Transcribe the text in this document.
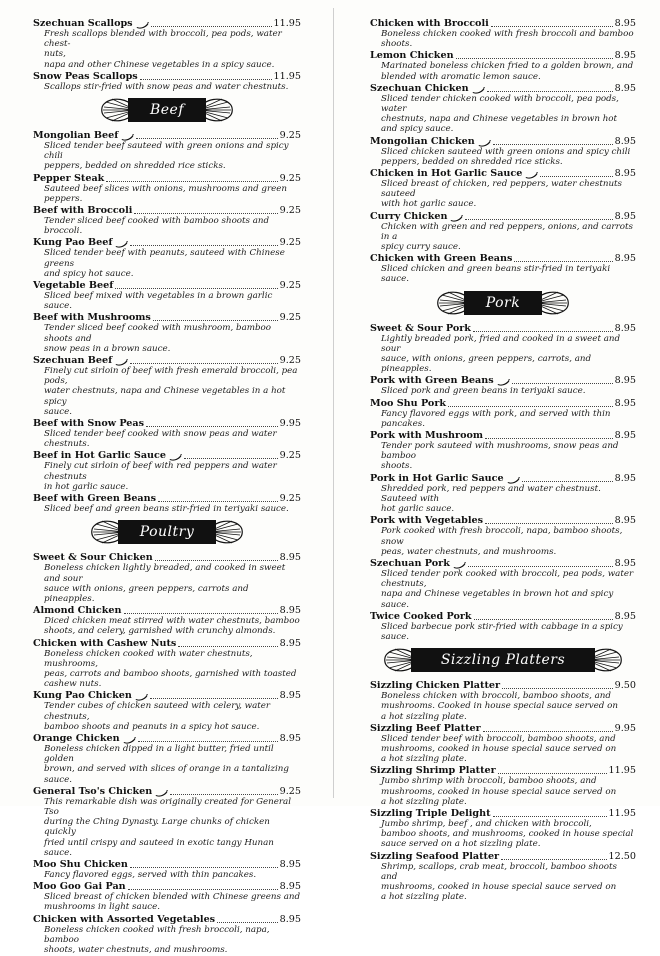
Szechuan Scallops	11.95
Fresh scallops blended with broccoli, pea pods, water chest-
nuts,
napa and other Chinese vegetables in a spicy sauce.
Snow Peas Scallops	11.95
Scallops stir-fried with snow peas and water chestnuts.
Beef
Mongolian Beef	9.25
Sliced tender beef sauteed with green onions and spicy chili
peppers, bedded on shredded rice sticks.
Pepper Steak	9.25
Sauteed beef slices with onions, mushrooms and green peppers.
Beef with Broccoli	9.25
Tender sliced beef cooked with bamboo shoots and broccoli.
Kung Pao Beef	9.25
Sliced tender beef with peanuts, sauteed with Chinese greens
and spicy hot sauce.
Vegetable Beef	9.25
Sliced beef mixed with vegetables in a brown garlic sauce.
Beef with Mushrooms	9.25
Tender sliced beef cooked with mushroom, bamboo shoots and
snow peas in a brown sauce.
Szechuan Beef	9.25
Finely cut sirloin of beef with fresh emerald broccoli, pea pods,
water chestnuts, napa and Chinese vegetables in a hot spicy
sauce.
Beef with Snow Peas	9.95
Sliced tender beef cooked with snow peas and water chestnuts.
Beef in Hot Garlic Sauce	9.25
Finely cut sirloin of beef with red peppers and water chestnuts
in hot garlic sauce.
Beef with Green Beans	9.25
Sliced beef and green beans stir-fried in teriyaki sauce.
Poultry
Sweet & Sour Chicken	8.95
Boneless chicken lightly breaded, and cooked in sweet and sour
sauce with onions, green peppers, carrots and pineapples.
Almond Chicken	8.95
Diced chicken meat stirred with water chestnuts, bamboo
shoots, and celery, garnished with crunchy almonds.
Chicken with Cashew Nuts	8.95
Boneless chicken cooked with water chestnuts, mushrooms,
peas, carrots and bamboo shoots, garnished with toasted
cashew nuts.
Kung Pao Chicken	8.95
Tender cubes of chicken sauteed with celery, water chestnuts,
bamboo shoots and peanuts in a spicy hot sauce.
Orange Chicken	8.95
Boneless chicken dipped in a light butter, fried until golden
brown, and served with slices of orange in a tantalizing sauce.
General Tso's Chicken	9.25
This remarkable dish was originally created for General Tso
during the Ching Dynasty. Large chunks of chicken quickly
fried until crispy and sauteed in exotic tangy Hunan sauce.
Moo Shu Chicken	8.95
Fancy flavored eggs, served with thin pancakes.
Moo Goo Gai Pan	8.95
Sliced breast of chicken blended with Chinese greens and
mushrooms in light sauce.
Chicken with Assorted Vegetables	8.95
Boneless chicken cooked with fresh broccoli, napa, bamboo
shoots, water chestnuts, and mushrooms.
Chicken with Broccoli	8.95
Boneless chicken cooked with fresh broccoli and bamboo shoots.
Lemon Chicken	8.95
Marinated boneless chicken fried to a golden brown, and
blended with aromatic lemon sauce.
Szechuan Chicken	8.95
Sliced tender chicken cooked with broccoli, pea pods, water
chestnuts, napa and Chinese vegetables in brown hot
and spicy sauce.
Mongolian Chicken	8.95
Sliced chicken sauteed with green onions and spicy chili
peppers, bedded on shredded rice sticks.
Chicken in Hot Garlic Sauce	8.95
Sliced breast of chicken, red peppers, water chestnuts sauteed
with hot garlic sauce.
Curry Chicken	8.95
Chicken with green and red peppers, onions, and carrots in a
spicy curry sauce.
Chicken with Green Beans	8.95
Sliced chicken and green beans stir-fried in teriyaki sauce.
Pork
Sweet & Sour Pork	8.95
Lightly breaded pork, fried and cooked in a sweet and sour
sauce, with onions, green peppers, carrots, and pineapples.
Pork with Green Beans	8.95
Sliced pork and green beans in teriyaki sauce.
Moo Shu Pork	8.95
Fancy flavored eggs with pork, and served with thin pancakes.
Pork with Mushroom	8.95
Tender pork sauteed with mushrooms, snow peas and bamboo
shoots.
Pork in Hot Garlic Sauce	8.95
Shredded pork, red peppers and water chestnust. Sauteed with
hot garlic sauce.
Pork with Vegetables	8.95
Pork cooked with fresh broccoli, napa, bamboo shoots, snow
peas, water chestnuts, and mushrooms.
Szechuan Pork	8.95
Sliced tender pork cooked with broccoli, pea pods, water chestnuts,
napa and Chinese vegetables in brown hot and spicy sauce.
Twice Cooked Pork	8.95
Sliced barbecue pork stir-fried with cabbage in a spicy sauce.
Sizzling Platters
Sizzling Chicken Platter	9.50
Boneless chicken with broccoli, bamboo shoots, and
mushrooms. Cooked in house special sauce served on
a hot sizzling plate.
Sizzling Beef Platter	9.95
Sliced tender beef with broccoli, bamboo shoots, and
mushrooms, cooked in house special sauce served on
a hot sizzling plate.
Sizzling Shrimp Platter	11.95
Jumbo shrimp with broccoli, bamboo shoots, and
mushrooms, cooked in house special sauce served on
a hot sizzling plate.
Sizzling Triple Delight	11.95
Jumbo shrimp, beef , and chicken with broccoli,
bamboo shoots, and mushrooms, cooked in house special
sauce served on a hot sizzling plate.
Sizzling Seafood Platter	12.50
Shrimp, scallops, crab meat, broccoli, bamboo shoots and
mushrooms, cooked in house special sauce served on
a hot sizzling plate.
